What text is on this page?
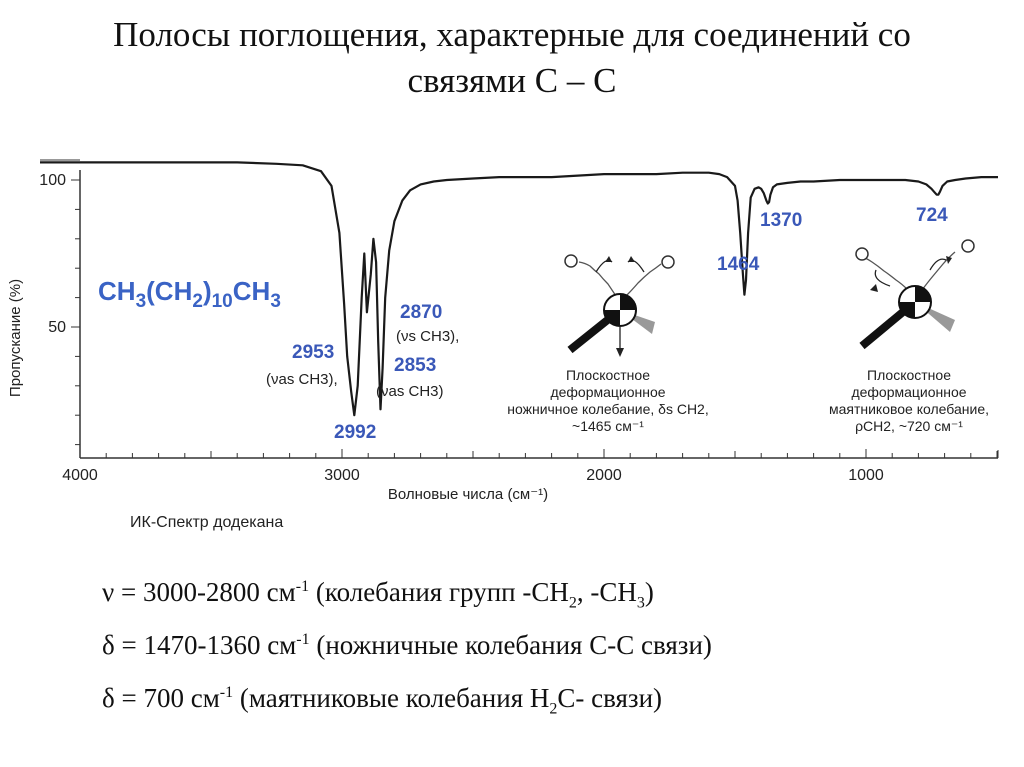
Полосы поглощения, характерные для соединений со связями С – С
4000	3000	2000	1000
100
50
Волновые числа (см⁻¹)
Пропускание (%)	$CH_3(CH_2)_{10}CH_3$
2953
2870
2853
2992
1370
1464
724
(νas CH3),
(νs CH3),
(νas CH3)
Плоскостное
деформационное
ножничное колебание, δs CH2,
~1465 см⁻¹
Плоскостное
деформационное
маятниковое колебание,
ρCH2, ~720 см⁻¹
ИК-Спектр додекана
ν = 3000-2800 $см^{-1}$ (колебания групп $-CH_2$, $-CH_3$)
δ = 1470-1360 $см^{-1}$ (ножничные колебания С-С связи)
δ = 700 $см^{-1}$ (маятниковые колебания $H_2C-$ связи)
